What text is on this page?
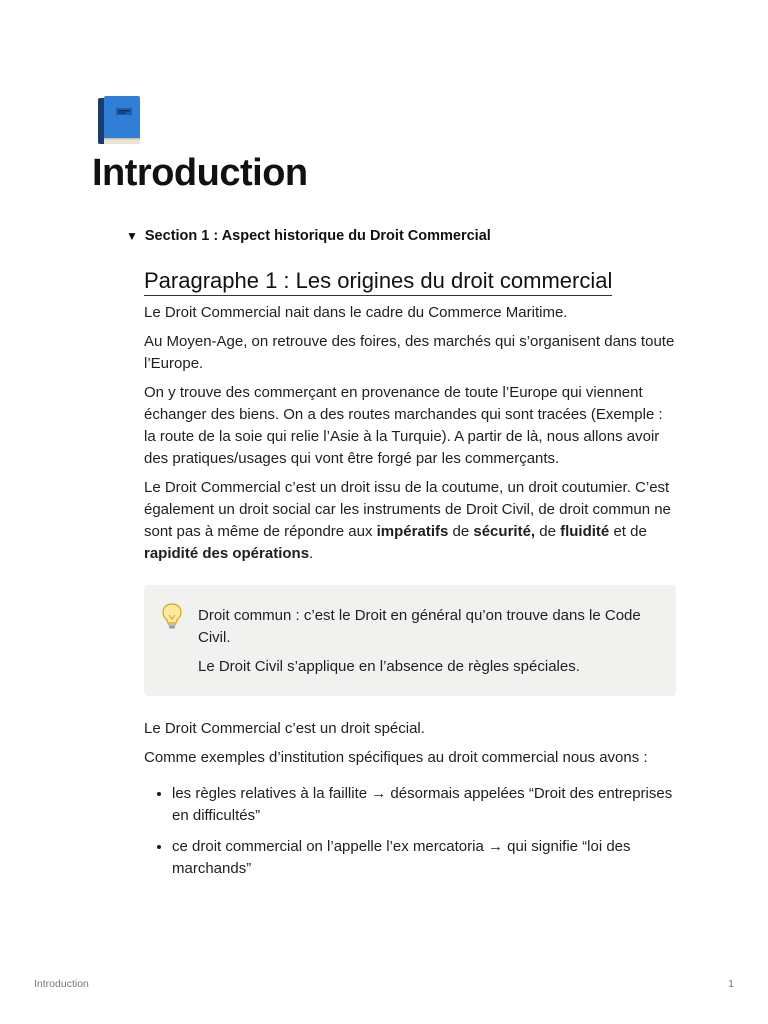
Introduction
▼ Section 1 : Aspect historique du Droit Commercial
Paragraphe 1 : Les origines du droit commercial

Le Droit Commercial nait dans le cadre du Commerce Maritime.

Au Moyen-Age, on retrouve des foires, des marchés qui s’organisent dans toute l’Europe.

On y trouve des commerçant en provenance de toute l’Europe qui viennent échanger des biens. On a des routes marchandes qui sont tracées (Exemple : la route de la soie qui relie l’Asie à la Turquie). A partir de là, nous allons avoir des pratiques/usages qui vont être forgé par les commerçants.

Le Droit Commercial c’est un droit issu de la coutume, un droit coutumier. C’est également un droit social car les instruments de Droit Civil, de droit commun ne sont pas à même de répondre aux impératifs de sécurité, de fluidité et de rapidité des opérations.

Droit commun : c’est le Droit en général qu’on trouve dans le Code Civil.

Le Droit Civil s’applique en l’absence de règles spéciales.

Le Droit Commercial c’est un droit spécial.

Comme exemples d’institution spécifiques au droit commercial nous avons :

• les règles relatives à la faillite → désormais appelées “Droit des entreprises en difficultés”
• ce droit commercial on l’appelle l’ex mercatoria → qui signifie “loi des marchands”
Introduction	1
